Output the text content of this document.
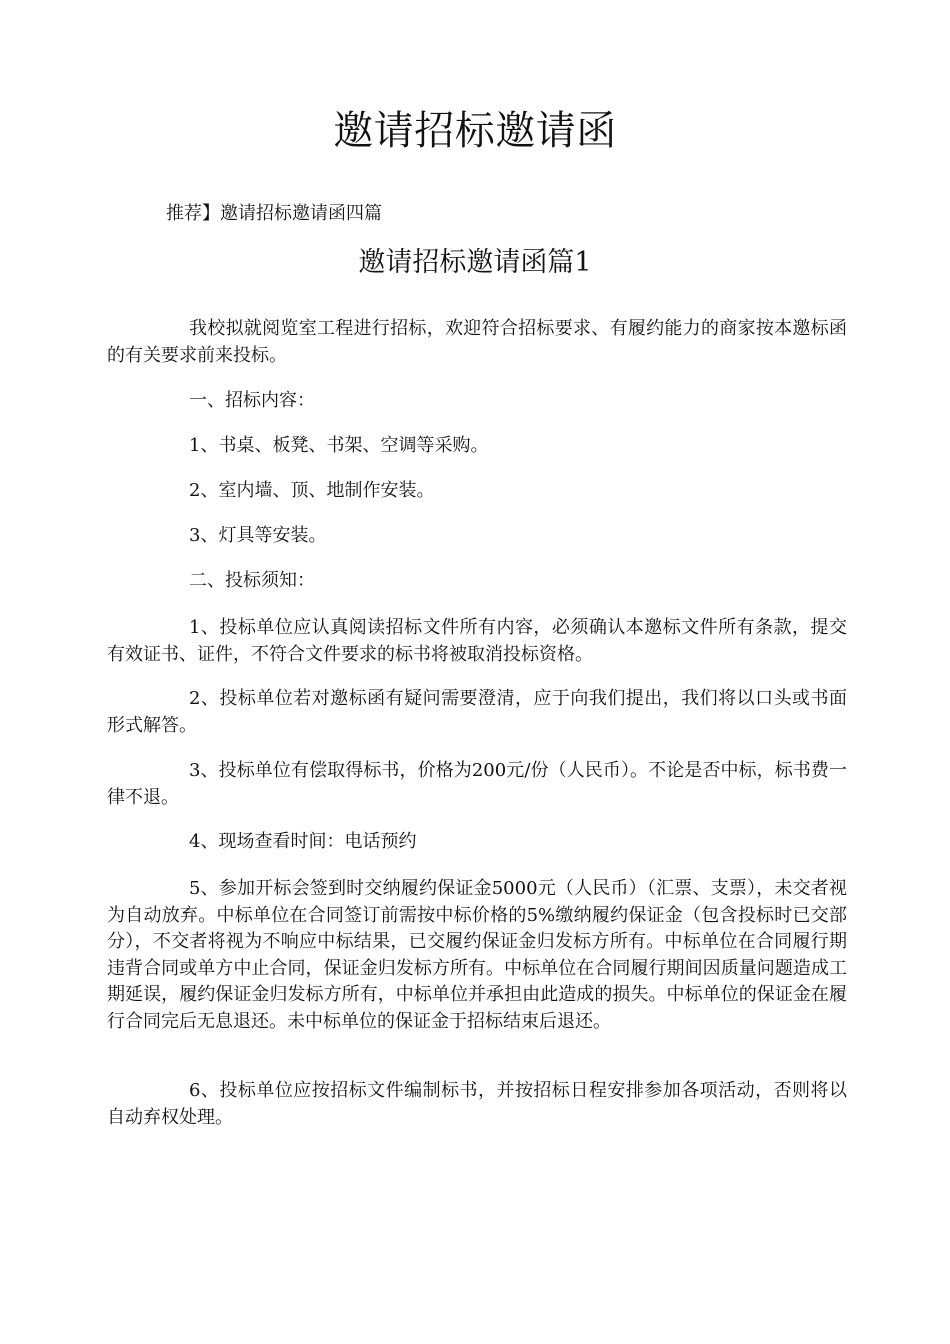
邀请招标邀请函
推荐】邀请招标邀请函四篇
邀请招标邀请函篇1

我校拟就阅览室工程进行招标，欢迎符合招标要求、有履约能力的商家按本邀标函的有关要求前来投标。

一、招标内容：

1、书桌、板凳、书架、空调等采购。

2、室内墙、顶、地制作安装。

3、灯具等安装。

二、投标须知：

1、投标单位应认真阅读招标文件所有内容，必须确认本邀标文件所有条款，提交有效证书、证件，不符合文件要求的标书将被取消投标资格。

2、投标单位若对邀标函有疑问需要澄清，应于向我们提出，我们将以口头或书面形式解答。

3、投标单位有偿取得标书，价格为200元/份（人民币）。不论是否中标，标书费一律不退。

4、现场查看时间：电话预约

5、参加开标会签到时交纳履约保证金5000元（人民币）（汇票、支票），未交者视为自动放弃。中标单位在合同签订前需按中标价格的5%缴纳履约保证金（包含投标时已交部分），不交者将视为不响应中标结果，已交履约保证金归发标方所有。中标单位在合同履行期违背合同或单方中止合同，保证金归发标方所有。中标单位在合同履行期间因质量问题造成工期延误，履约保证金归发标方所有，中标单位并承担由此造成的损失。中标单位的保证金在履行合同完后无息退还。未中标单位的保证金于招标结束后退还。

6、投标单位应按招标文件编制标书，并按招标日程安排参加各项活动，否则将以自动弃权处理。
